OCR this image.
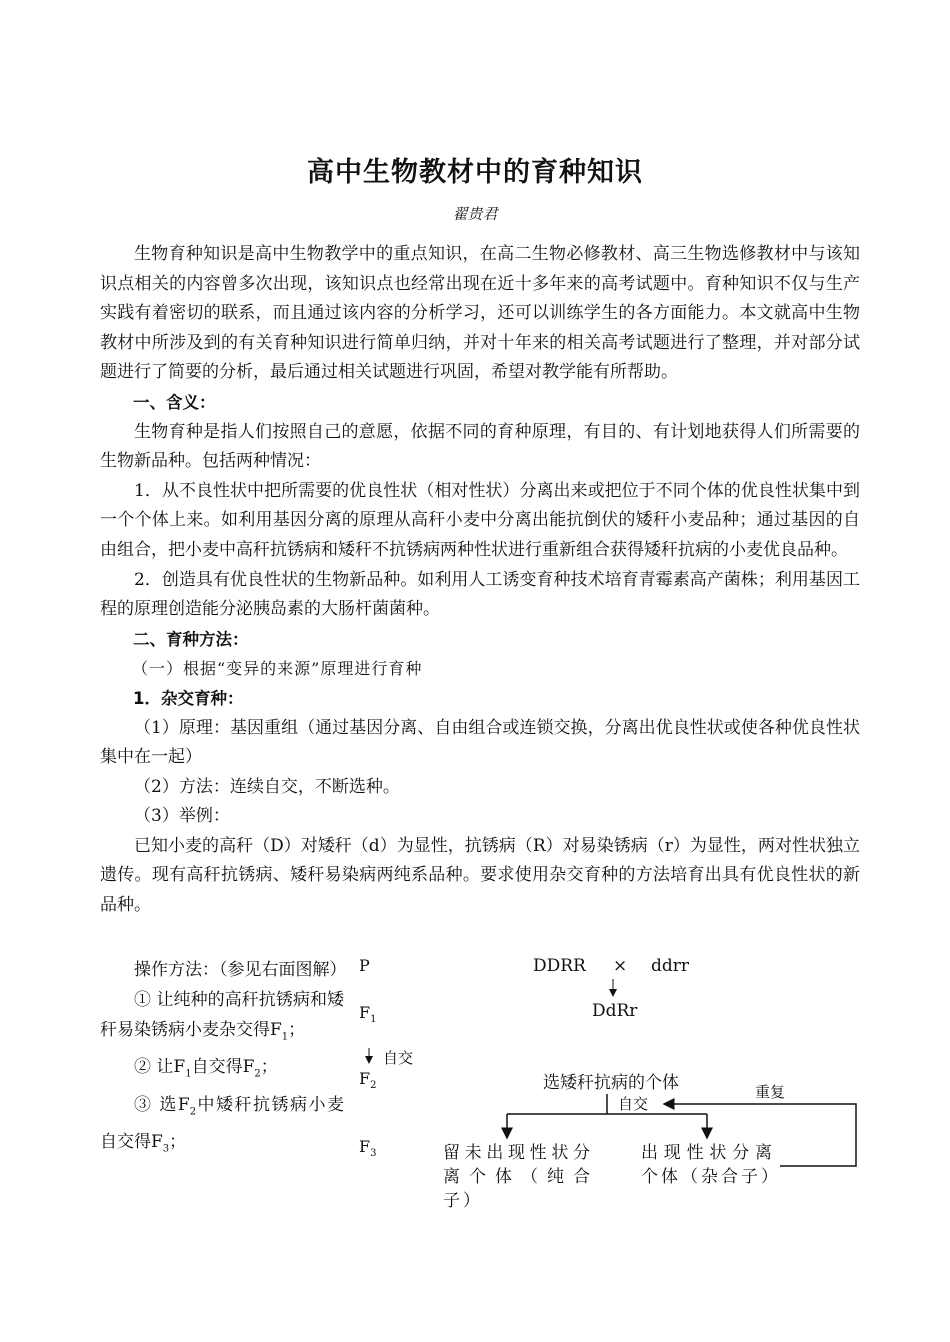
高中生物教材中的育种知识
翟贵君

生物育种知识是高中生物教学中的重点知识，在高二生物必修教材、高三生物选修教材中与该知识点相关的内容曾多次出现，该知识点也经常出现在近十多年来的高考试题中。育种知识不仅与生产实践有着密切的联系，而且通过该内容的分析学习，还可以训练学生的各方面能力。本文就高中生物教材中所涉及到的有关育种知识进行简单归纳，并对十年来的相关高考试题进行了整理，并对部分试题进行了简要的分析，最后通过相关试题进行巩固，希望对教学能有所帮助。

一、含义：

生物育种是指人们按照自己的意愿，依据不同的育种原理，有目的、有计划地获得人们所需要的生物新品种。包括两种情况：

1．从不良性状中把所需要的优良性状（相对性状）分离出来或把位于不同个体的优良性状集中到一个个体上来。如利用基因分离的原理从高秆小麦中分离出能抗倒伏的矮秆小麦品种；通过基因的自由组合，把小麦中高秆抗锈病和矮秆不抗锈病两种性状进行重新组合获得矮秆抗病的小麦优良品种。

2．创造具有优良性状的生物新品种。如利用人工诱变育种技术培育青霉素高产菌株；利用基因工程的原理创造能分泌胰岛素的大肠杆菌菌种。

二、育种方法：

（一）根据“变异的来源”原理进行育种

1．杂交育种：

（1）原理：基因重组（通过基因分离、自由组合或连锁交换，分离出优良性状或使各种优良性状集中在一起）

（2）方法：连续自交，不断选种。

（3）举例：

已知小麦的高秆（D）对矮秆（d）为显性，抗锈病（R）对易染锈病（r）为显性，两对性状独立遗传。现有高秆抗锈病、矮秆易染病两纯系品种。要求使用杂交育种的方法培育出具有优良性状的新品种。

操作方法：（参见右面图解）

① 让纯种的高秆抗锈病和矮秆易染锈病小麦杂交得$F_1$；

② 让$F_1$自交得$F_2$；

③ 选$F_2$中矮秆抗锈病小麦自交得$F_3$；

P
$F_1$
自交
$F_2$
$F_3$
DDRR × ddrr
DdRr
选矮秆抗病的个体
自交
重复
留未出现性状分离个体（纯合子）
出现性状分离个体（杂合子）
